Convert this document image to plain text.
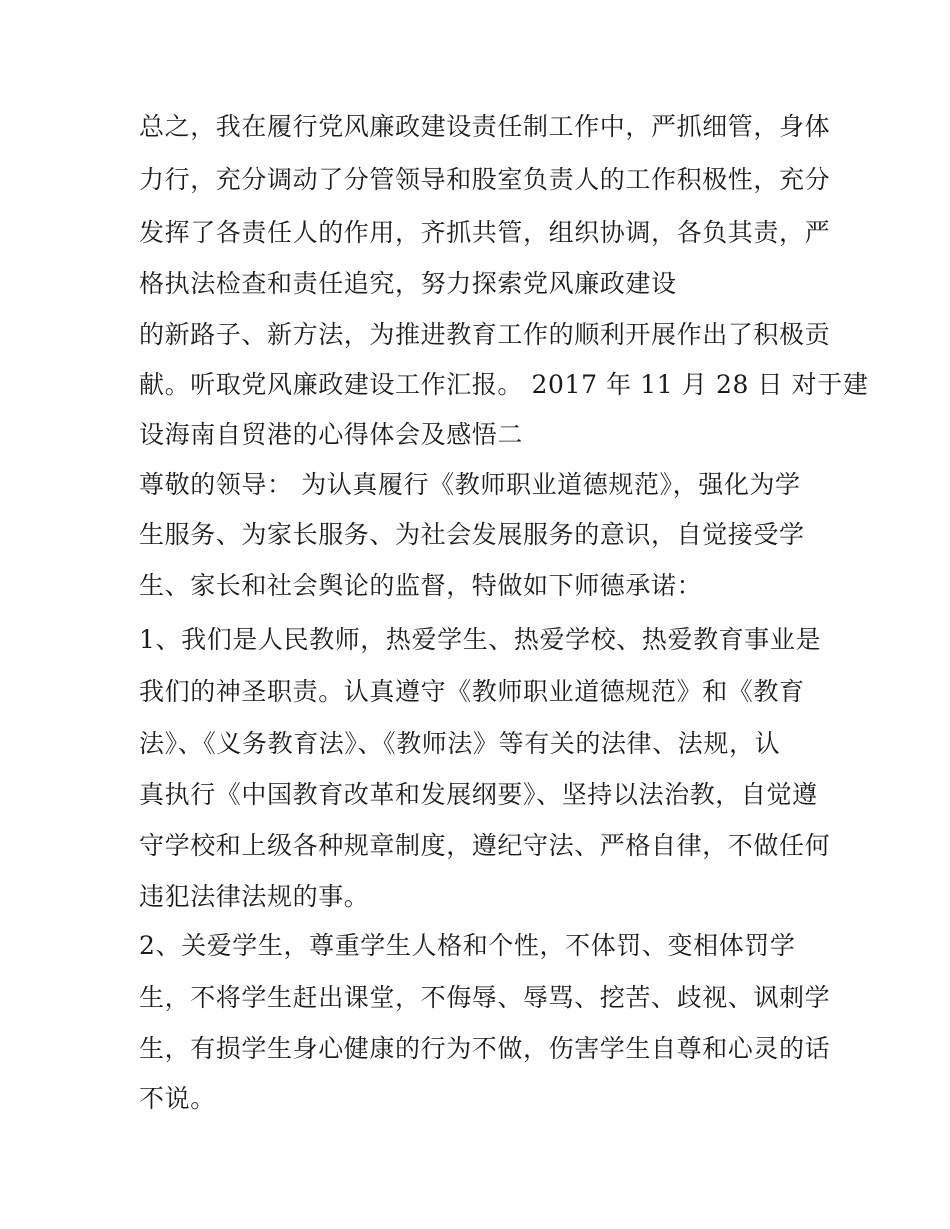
总之，我在履行党风廉政建设责任制工作中，严抓细管，身体
力行，充分调动了分管领导和股室负责人的工作积极性，充分
发挥了各责任人的作用，齐抓共管，组织协调，各负其责，严
格执法检查和责任追究，努力探索党风廉政建设
的新路子、新方法，为推进教育工作的顺利开展作出了积极贡
献。听取党风廉政建设工作汇报。 2017 年 11 月 28 日 对于建
设海南自贸港的心得体会及感悟二
尊敬的领导： 为认真履行《教师职业道德规范》，强化为学
生服务、为家长服务、为社会发展服务的意识，自觉接受学
生、家长和社会舆论的监督，特做如下师德承诺：
1、我们是人民教师，热爱学生、热爱学校、热爱教育事业是
我们的神圣职责。认真遵守《教师职业道德规范》和《教育
法》、《义务教育法》、《教师法》等有关的法律、法规，认
真执行《中国教育改革和发展纲要》、坚持以法治教，自觉遵
守学校和上级各种规章制度，遵纪守法、严格自律，不做任何
违犯法律法规的事。
2、关爱学生，尊重学生人格和个性，不体罚、变相体罚学
生，不将学生赶出课堂，不侮辱、辱骂、挖苦、歧视、讽刺学
生，有损学生身心健康的行为不做，伤害学生自尊和心灵的话
不说。
